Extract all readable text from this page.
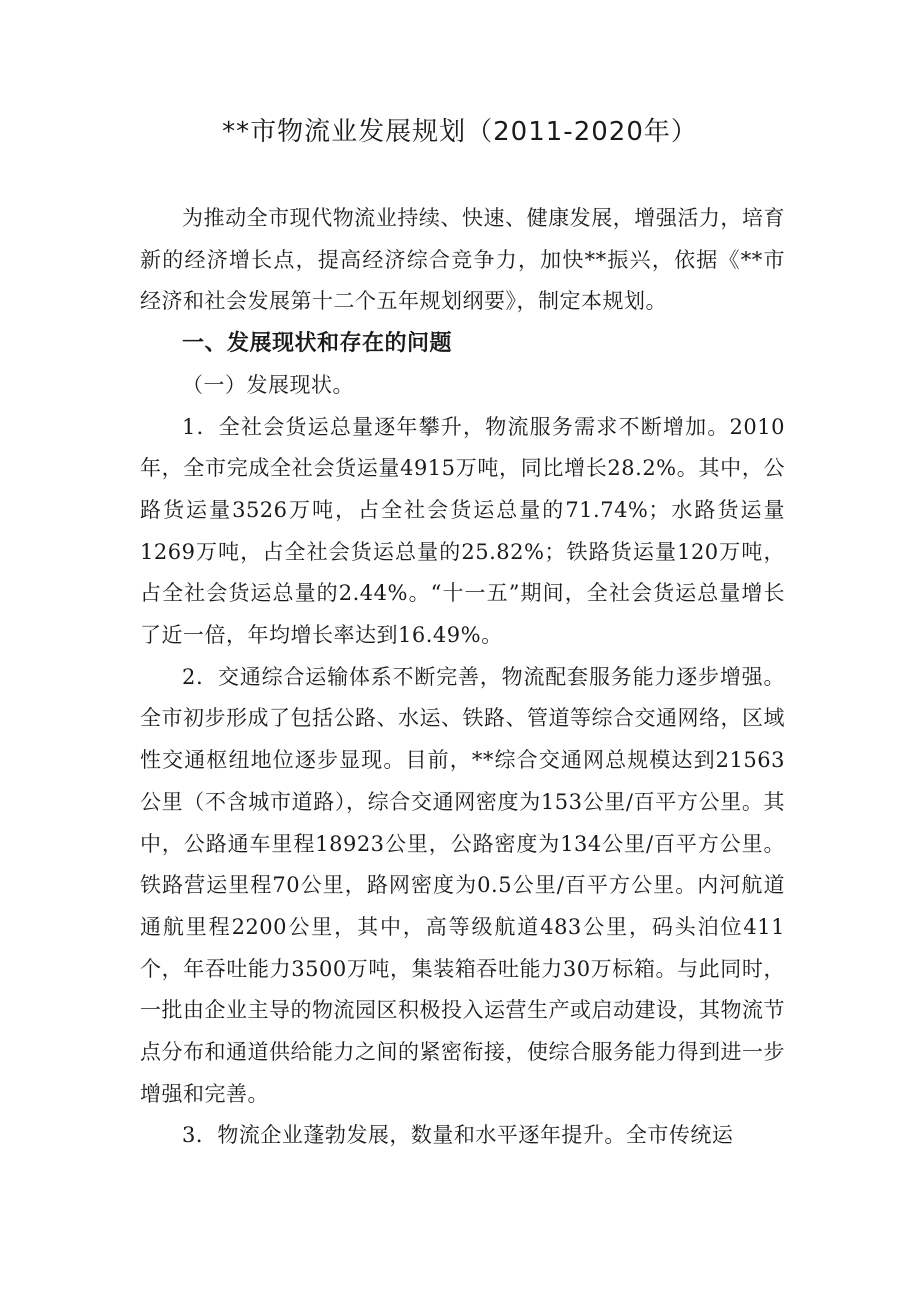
**市物流业发展规划（2011-2020年）

为推动全市现代物流业持续、快速、健康发展，增强活力，培育新的经济增长点，提高经济综合竞争力，加快**振兴，依据《**市经济和社会发展第十二个五年规划纲要》，制定本规划。

一、发展现状和存在的问题

（一）发展现状。

1．全社会货运总量逐年攀升，物流服务需求不断增加。2010年，全市完成全社会货运量4915万吨，同比增长28.2%。其中，公路货运量3526万吨，占全社会货运总量的71.74%；水路货运量1269万吨，占全社会货运总量的25.82%；铁路货运量120万吨，占全社会货运总量的2.44%。“十一五”期间，全社会货运总量增长了近一倍，年均增长率达到16.49%。

2．交通综合运输体系不断完善，物流配套服务能力逐步增强。全市初步形成了包括公路、水运、铁路、管道等综合交通网络，区域性交通枢纽地位逐步显现。目前，**综合交通网总规模达到21563公里（不含城市道路），综合交通网密度为153公里/百平方公里。其中，公路通车里程18923公里，公路密度为134公里/百平方公里。铁路营运里程70公里，路网密度为0.5公里/百平方公里。内河航道通航里程2200公里，其中，高等级航道483公里，码头泊位411个，年吞吐能力3500万吨，集装箱吞吐能力30万标箱。与此同时，一批由企业主导的物流园区积极投入运营生产或启动建设，其物流节点分布和通道供给能力之间的紧密衔接，使综合服务能力得到进一步增强和完善。

3．物流企业蓬勃发展，数量和水平逐年提升。全市传统运
